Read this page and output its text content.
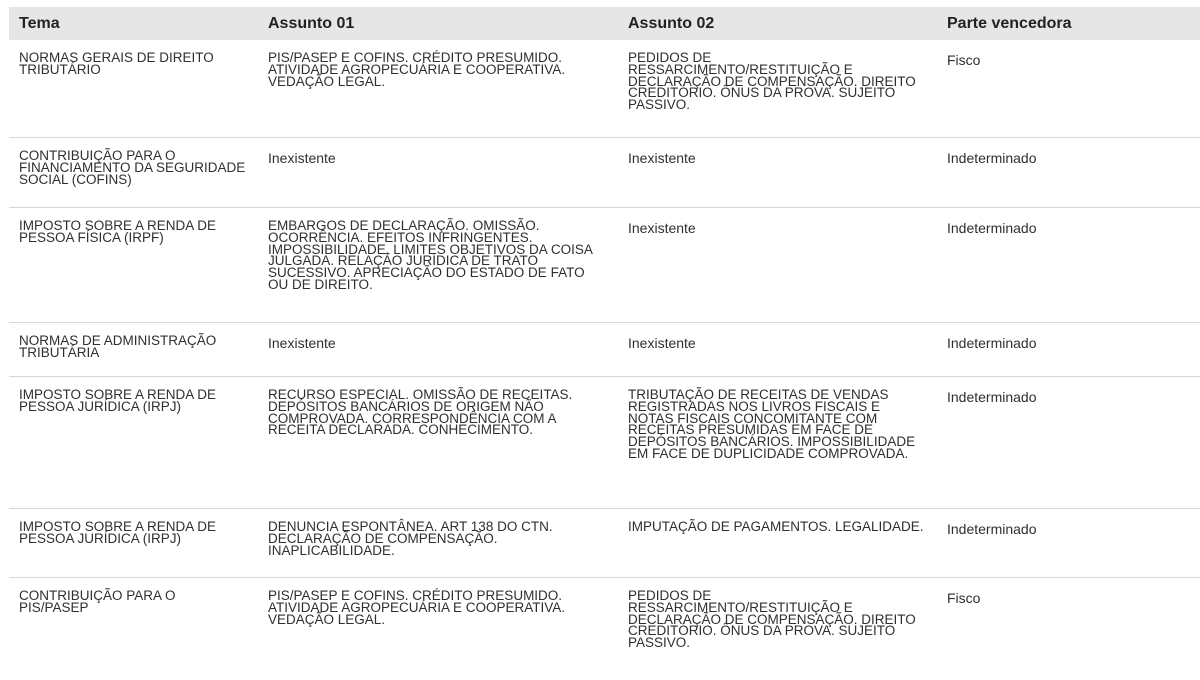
Tema	Assunto 01	Assunto 02	Parte vencedora
NORMAS GERAIS DE DIREITO TRIBUTÁRIO	PIS/PASEP E COFINS. CRÉDITO PRESUMIDO. ATIVIDADE AGROPECUÁRIA E COOPERATIVA. VEDAÇÃO LEGAL.	PEDIDOS DE RESSARCIMENTO/RESTITUIÇÃO E DECLARAÇÃO DE COMPENSAÇÃO. DIREITO CREDITÓRIO. ÔNUS DA PROVA. SUJEITO PASSIVO.	Fisco
CONTRIBUIÇÃO PARA O FINANCIAMENTO DA SEGURIDADE SOCIAL (COFINS)	Inexistente	Inexistente	Indeterminado
IMPOSTO SOBRE A RENDA DE PESSOA FÍSICA (IRPF)	EMBARGOS DE DECLARAÇÃO. OMISSÃO. OCORRÊNCIA. EFEITOS INFRINGENTES. IMPOSSIBILIDADE. LIMITES OBJETIVOS DA COISA JULGADA. RELAÇÃO JURÍDICA DE TRATO SUCESSIVO. APRECIAÇÃO DO ESTADO DE FATO OU DE DIREITO.	Inexistente	Indeterminado
NORMAS DE ADMINISTRAÇÃO TRIBUTÁRIA	Inexistente	Inexistente	Indeterminado
IMPOSTO SOBRE A RENDA DE PESSOA JURÍDICA (IRPJ)	RECURSO ESPECIAL. OMISSÃO DE RECEITAS. DEPÓSITOS BANCÁRIOS DE ORIGEM NÃO COMPROVADA. CORRESPONDÊNCIA COM A RECEITA DECLARADA. CONHECIMENTO.	TRIBUTAÇÃO DE RECEITAS DE VENDAS REGISTRADAS NOS LIVROS FISCAIS E NOTAS FISCAIS CONCOMITANTE COM RECEITAS PRESUMIDAS EM FACE DE DEPÓSITOS BANCÁRIOS. IMPOSSIBILIDADE EM FACE DE DUPLICIDADE COMPROVADA.	Indeterminado
IMPOSTO SOBRE A RENDA DE PESSOA JURÍDICA (IRPJ)	DENUNCIA ESPONTÂNEA. ART 138 DO CTN. DECLARAÇÃO DE COMPENSAÇÃO. INAPLICABILIDADE.	IMPUTAÇÃO DE PAGAMENTOS. LEGALIDADE.	Indeterminado
CONTRIBUIÇÃO PARA O PIS/PASEP	PIS/PASEP E COFINS. CRÉDITO PRESUMIDO. ATIVIDADE AGROPECUÁRIA E COOPERATIVA. VEDAÇÃO LEGAL.	PEDIDOS DE RESSARCIMENTO/RESTITUIÇÃO E DECLARAÇÃO DE COMPENSAÇÃO. DIREITO CREDITÓRIO. ÔNUS DA PROVA. SUJEITO PASSIVO.	Fisco
